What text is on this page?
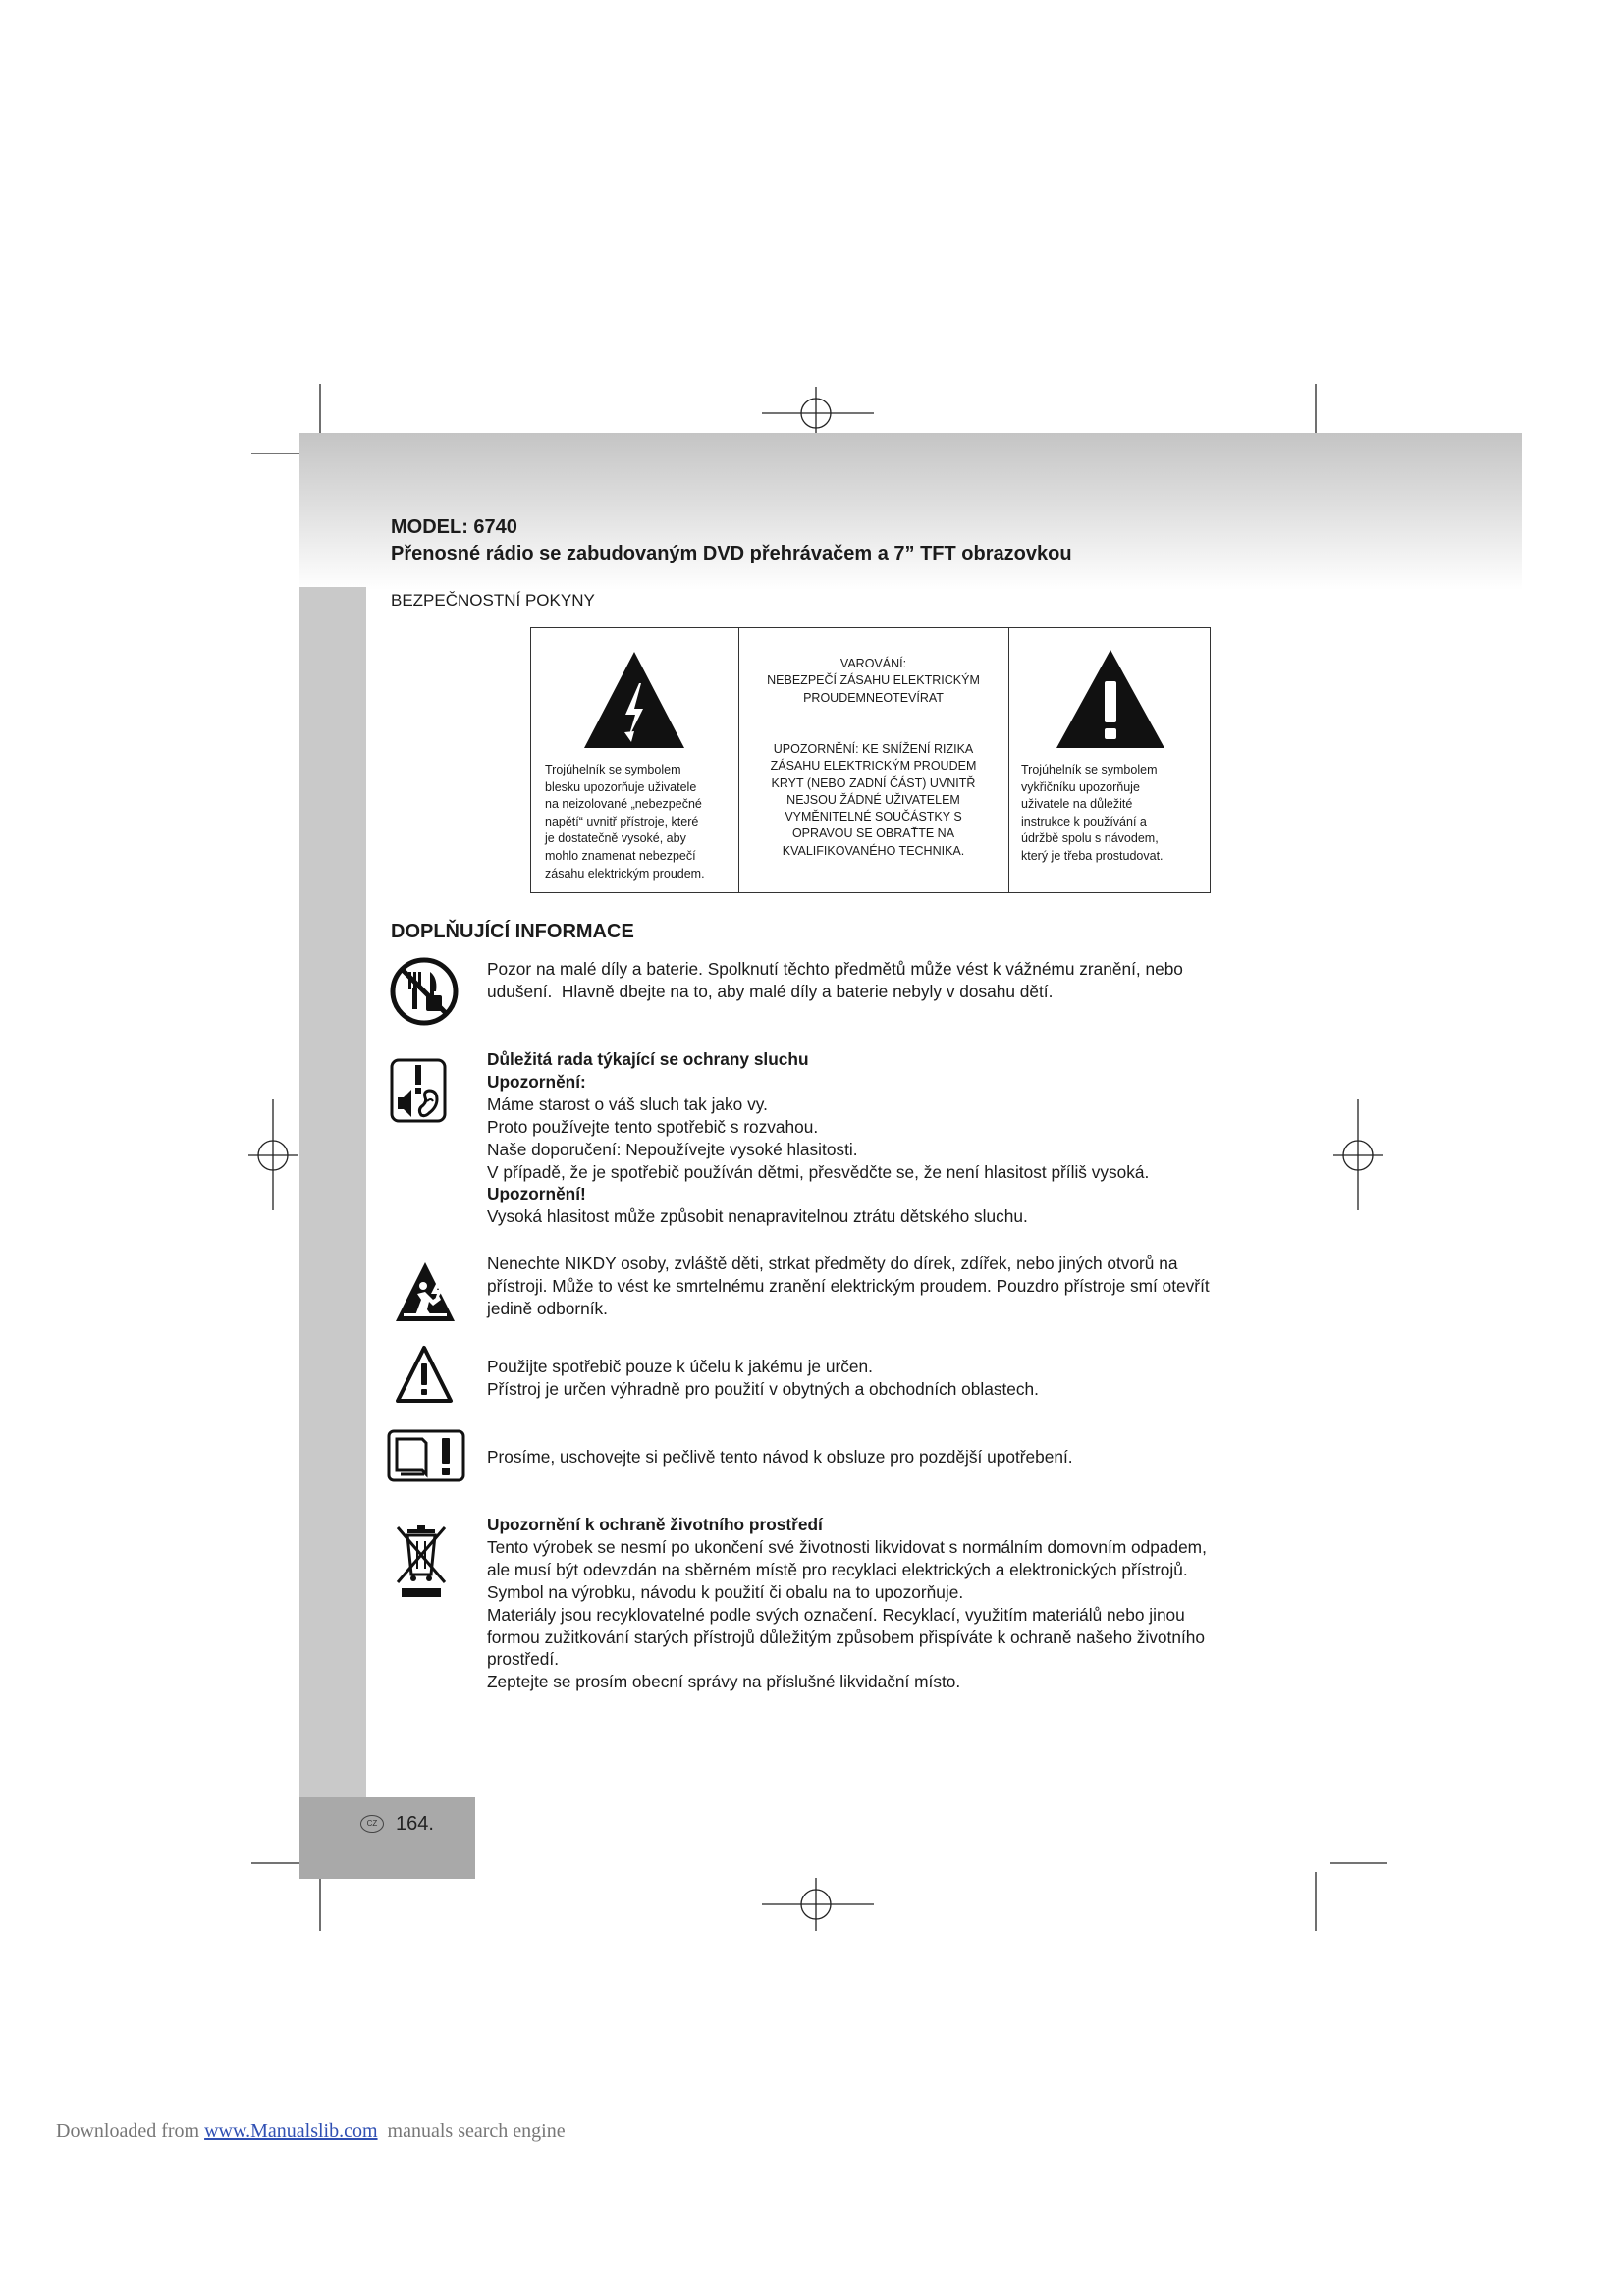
MODEL: 6740
Přenosné rádio se zabudovaným DVD přehrávačem a 7” TFT obrazovkou
BEZPEČNOSTNÍ POKYNY
Trojúhelník se symbolem
blesku upozorňuje uživatele
na neizolované „nebezpečné
napětí“ uvnitř přístroje, které
je dostatečně vysoké, aby
mohlo znamenat nebezpečí
zásahu elektrickým proudem.
VAROVÁNÍ:
NEBEZPEČÍ ZÁSAHU ELEKTRICKÝM
PROUDEMNEOTEVÍRAT
UPOZORNĚNÍ: KE SNÍŽENÍ RIZIKA
ZÁSAHU ELEKTRICKÝM PROUDEM
KRYT (NEBO ZADNÍ ČÁST) UVNITŘ
NEJSOU ŽÁDNÉ UŽIVATELEM
VYMĚNITELNÉ SOUČÁSTKY S
OPRAVOU SE OBRAŤTE NA
KVALIFIKOVANÉHO TECHNIKA.
Trojúhelník se symbolem
vykřičníku upozorňuje
uživatele na důležité
instrukce k používání a
údržbě spolu s návodem,
který je třeba prostudovat.
DOPLŇUJÍCÍ INFORMACE
Pozor na malé díly a baterie. Spolknutí těchto předmětů může vést k vážnému zranění, nebo
udušení.  Hlavně dbejte na to, aby malé díly a baterie nebyly v dosahu dětí.
Důležitá rada týkající se ochrany sluchu
Upozornění:
Máme starost o váš sluch tak jako vy.
Proto používejte tento spotřebič s rozvahou.
Naše doporučení: Nepoužívejte vysoké hlasitosti.
V případě, že je spotřebič používán dětmi, přesvědčte se, že není hlasitost příliš vysoká.
Upozornění!
Vysoká hlasitost může způsobit nenapravitelnou ztrátu dětského sluchu.
Nenechte NIKDY osoby, zvláště děti, strkat předměty do dírek, zdířek, nebo jiných otvorů na
přístroji. Může to vést ke smrtelnému zranění elektrickým proudem. Pouzdro přístroje smí otevřít
jedině odborník.
Použijte spotřebič pouze k účelu k jakému je určen.
Přístroj je určen výhradně pro použití v obytných a obchodních oblastech.
Prosíme, uschovejte si pečlivě tento návod k obsluze pro pozdější upotřebení.
Upozornění k ochraně životního prostředí
Tento výrobek se nesmí po ukončení své životnosti likvidovat s normálním domovním odpadem,
ale musí být odevzdán na sběrném místě pro recyklaci elektrických a elektronických přístrojů.
Symbol na výrobku, návodu k použití či obalu na to upozorňuje.
Materiály jsou recyklovatelné podle svých označení. Recyklací, využitím materiálů nebo jinou
formou zužitkování starých přístrojů důležitým způsobem přispíváte k ochraně našeho životního
prostředí.
Zeptejte se prosím obecní správy na příslušné likvidační místo.
CZ 164.
Downloaded from www.Manualslib.com  manuals search engine
